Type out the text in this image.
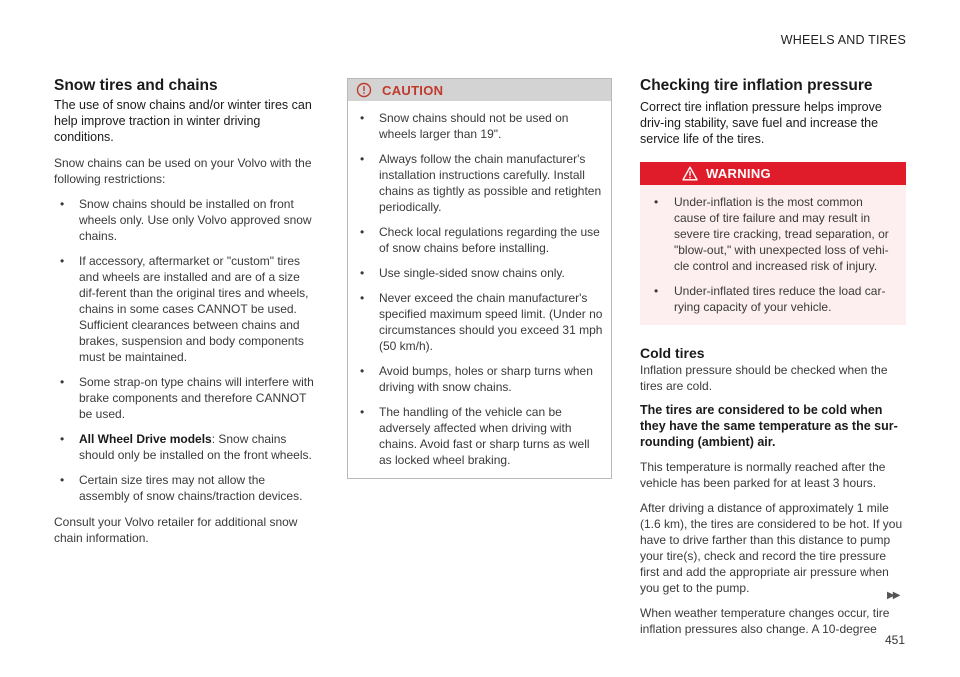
WHEELS AND TIRES
Snow tires and chains
The use of snow chains and/or winter tires can help improve traction in winter driving conditions.

Snow chains can be used on your Volvo with the following restrictions:

• Snow chains should be installed on front wheels only. Use only Volvo approved snow chains.
• If accessory, aftermarket or "custom" tires and wheels are installed and are of a size dif-ferent than the original tires and wheels, chains in some cases CANNOT be used. Sufficient clearances between chains and brakes, suspension and body components must be maintained.
• Some strap-on type chains will interfere with brake components and therefore CANNOT be used.
• All Wheel Drive models: Snow chains should only be installed on the front wheels.
• Certain size tires may not allow the assembly of snow chains/traction devices.

Consult your Volvo retailer for additional snow chain information.

CAUTION
• Snow chains should not be used on wheels larger than 19".
• Always follow the chain manufacturer's installation instructions carefully. Install chains as tightly as possible and retighten periodically.
• Check local regulations regarding the use of snow chains before installing.
• Use single-sided snow chains only.
• Never exceed the chain manufacturer's specified maximum speed limit. (Under no circumstances should you exceed 31 mph (50 km/h).
• Avoid bumps, holes or sharp turns when driving with snow chains.
• The handling of the vehicle can be adversely affected when driving with chains. Avoid fast or sharp turns as well as locked wheel braking.
Checking tire inflation pressure
Correct tire inflation pressure helps improve driv-ing stability, save fuel and increase the service life of the tires.
WARNING
• Under-inflation is the most common cause of tire failure and may result in severe tire cracking, tread separation, or "blow-out," with unexpected loss of vehi-cle control and increased risk of injury.
• Under-inflated tires reduce the load car-rying capacity of your vehicle.
Cold tires

Inflation pressure should be checked when the tires are cold.

The tires are considered to be cold when they have the same temperature as the sur-rounding (ambient) air.

This temperature is normally reached after the vehicle has been parked for at least 3 hours.

After driving a distance of approximately 1 mile (1.6 km), the tires are considered to be hot. If you have to drive farther than this distance to pump your tire(s), check and record the tire pressure first and add the appropriate air pressure when you get to the pump.

When weather temperature changes occur, tire inflation pressures also change. A 10-degree

▶▶
451
